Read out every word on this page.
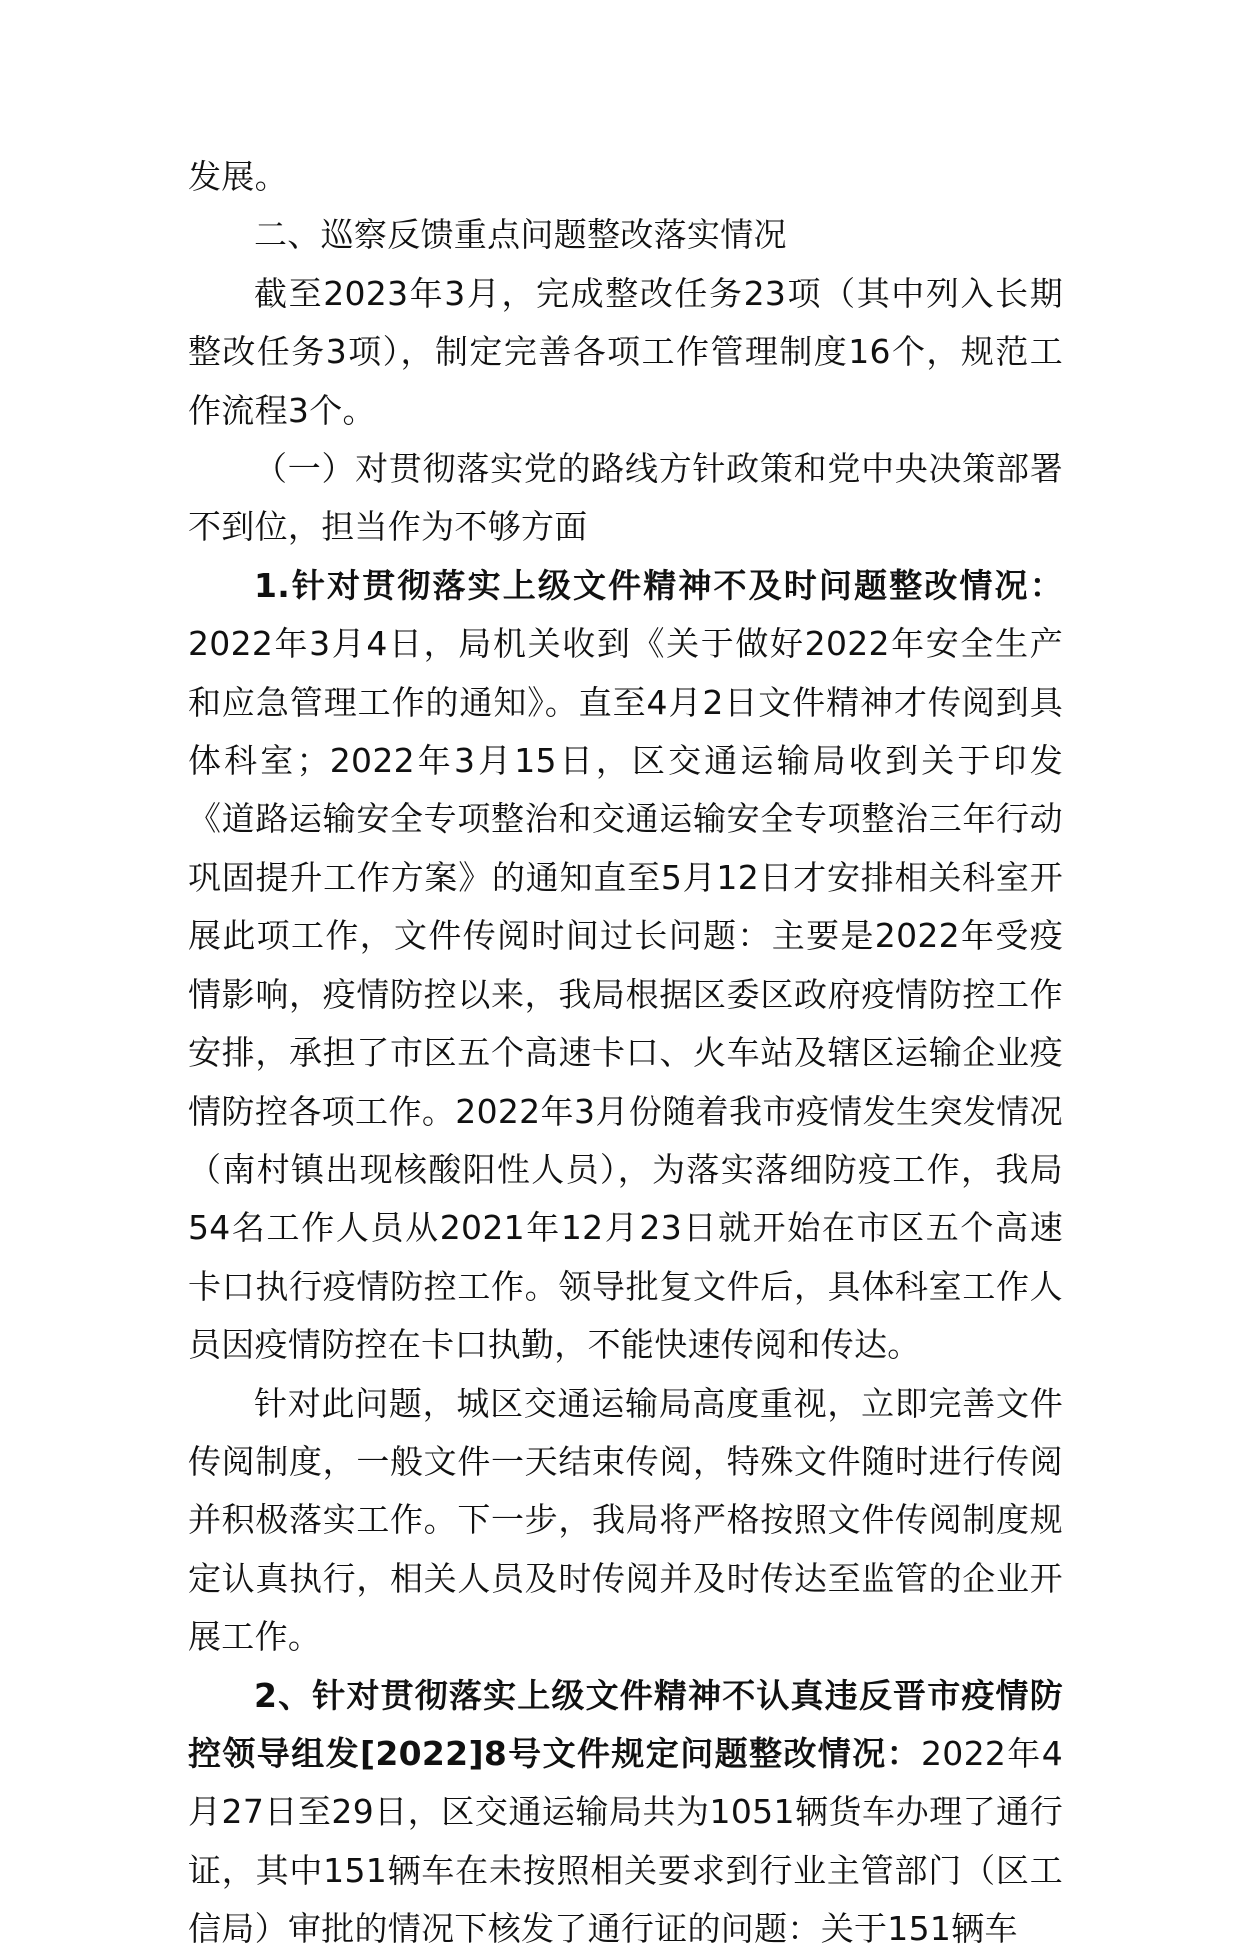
发展。

二、巡察反馈重点问题整改落实情况

截至2023年3月，完成整改任务23项（其中列入长期整改任务3项），制定完善各项工作管理制度16个，规范工作流程3个。

（一）对贯彻落实党的路线方针政策和党中央决策部署不到位，担当作为不够方面

1.针对贯彻落实上级文件精神不及时问题整改情况：2022年3月4日，局机关收到《关于做好2022年安全生产和应急管理工作的通知》。直至4月2日文件精神才传阅到具体科室；2022年3月15日，区交通运输局收到关于印发《道路运输安全专项整治和交通运输安全专项整治三年行动巩固提升工作方案》的通知直至5月12日才安排相关科室开展此项工作，文件传阅时间过长问题：主要是2022年受疫情影响，疫情防控以来，我局根据区委区政府疫情防控工作安排，承担了市区五个高速卡口、火车站及辖区运输企业疫情防控各项工作。2022年3月份随着我市疫情发生突发情况（南村镇出现核酸阳性人员），为落实落细防疫工作，我局54名工作人员从2021年12月23日就开始在市区五个高速卡口执行疫情防控工作。领导批复文件后，具体科室工作人员因疫情防控在卡口执勤，不能快速传阅和传达。

针对此问题，城区交通运输局高度重视，立即完善文件传阅制度，一般文件一天结束传阅，特殊文件随时进行传阅并积极落实工作。下一步，我局将严格按照文件传阅制度规定认真执行，相关人员及时传阅并及时传达至监管的企业开展工作。

2、针对贯彻落实上级文件精神不认真违反晋市疫情防控领导组发[2022]8号文件规定问题整改情况：2022年4月27日至29日，区交通运输局共为1051辆货车办理了通行证，其中151辆车在未按照相关要求到行业主管部门（区工信局）审批的情况下核发了通行证的问题：关于151辆车
